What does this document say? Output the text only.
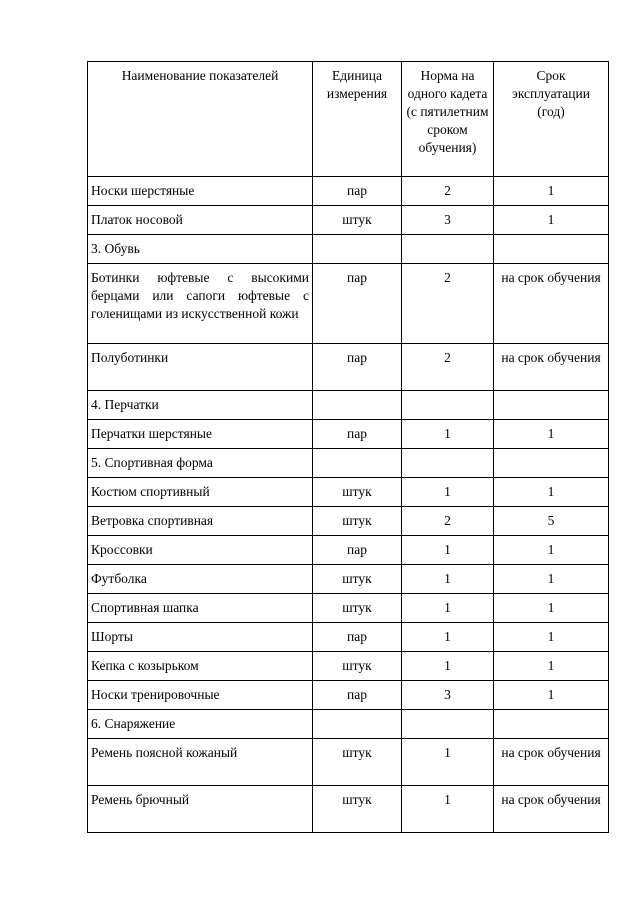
Наименование показателей	Единица измерения	Норма на одного кадета (с пятилетним сроком обучения)	Срок эксплуатации (год)
Носки шерстяные	пар	2	1
Платок носовой	штук	3	1
3. Обувь			
Ботинки юфтевые с высокими берцами или сапоги юфтевые с голенищами из искусственной кожи	пар	2	на срок обучения
Полуботинки	пар	2	на срок обучения
4. Перчатки			
Перчатки шерстяные	пар	1	1
5. Спортивная форма			
Костюм спортивный	штук	1	1
Ветровка спортивная	штук	2	5
Кроссовки	пар	1	1
Футболка	штук	1	1
Спортивная шапка	штук	1	1
Шорты	пар	1	1
Кепка с козырьком	штук	1	1
Носки тренировочные	пар	3	1
6. Снаряжение			
Ремень поясной кожаный	штук	1	на срок обучения
Ремень брючный	штук	1	на срок обучения
